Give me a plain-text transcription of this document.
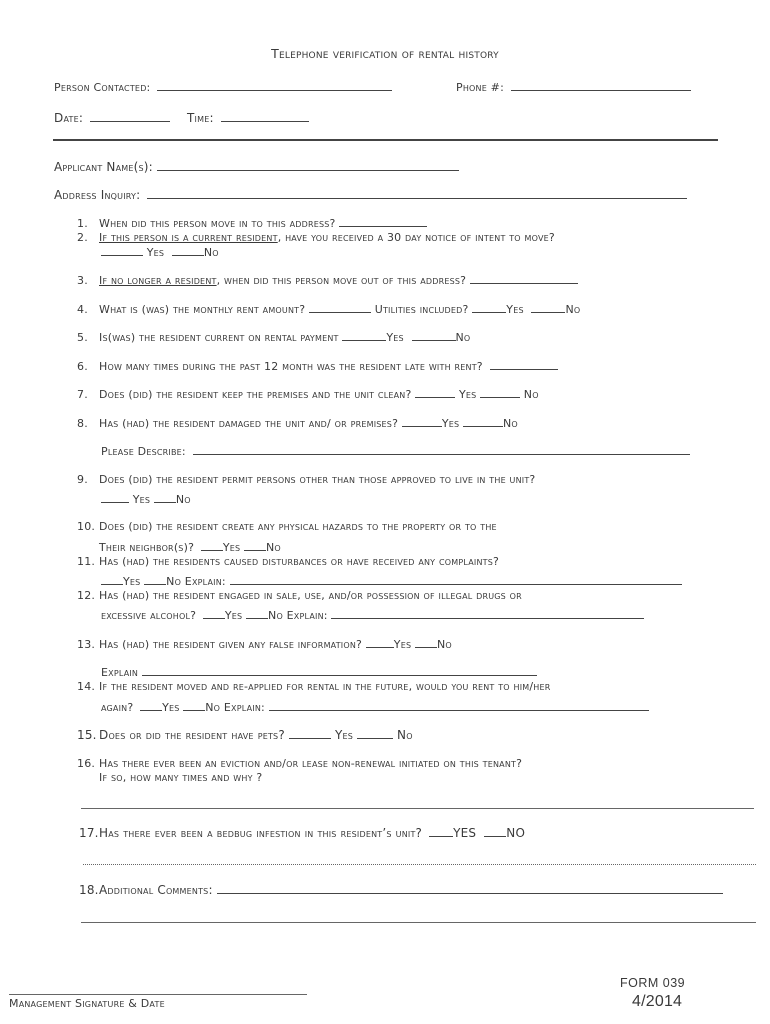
Telephone verification of rental history
Person Contacted:	Phone #:
Date:	Time:
Applicant Name(s):
Address Inquiry:
1. When did this person move in to this address?
2. If this person is a current resident, have you received a 30 day notice of intent to move?
Yes	No
3. If no longer a resident, when did this person move out of this address?
4. What is (was) the monthly rent amount?	Utilities included?	Yes	No
5. Is(was) the resident current on rental payment	Yes	No
6. How many times during the past 12 month was the resident late with rent?
7. Does (did) the resident keep the premises and the unit clean?	Yes	No
8. Has (had) the resident damaged the unit and/ or premises?	Yes	No
Please Describe:
9. Does (did) the resident permit persons other than those approved to live in the unit?
Yes No
10. Does (did) the resident create any physical hazards to the property or to the
Their neighbor(s)?	Yes No
11. Has (had) the residents caused disturbances or have received any complaints?
Yes No Explain:
12. Has (had) the resident engaged in sale, use, and/or possession of illegal drugs or
excessive alcohol?	Yes No Explain:
13. Has (had) the resident given any false information?	Yes No
Explain
14. If the resident moved and re-applied for rental in the future, would you rent to him/her
again?	Yes No Explain:
15. Does or did the resident have pets?	Yes	No
16. Has there ever been an eviction and/or lease non-renewal initiated on this tenant?
If so, how many times and why ?
17.Has there ever been a bedbug infestion in this resident’s unit?	YES	NO
18.Additional Comments:
Management Signature & Date
FORM 039
4/2014
